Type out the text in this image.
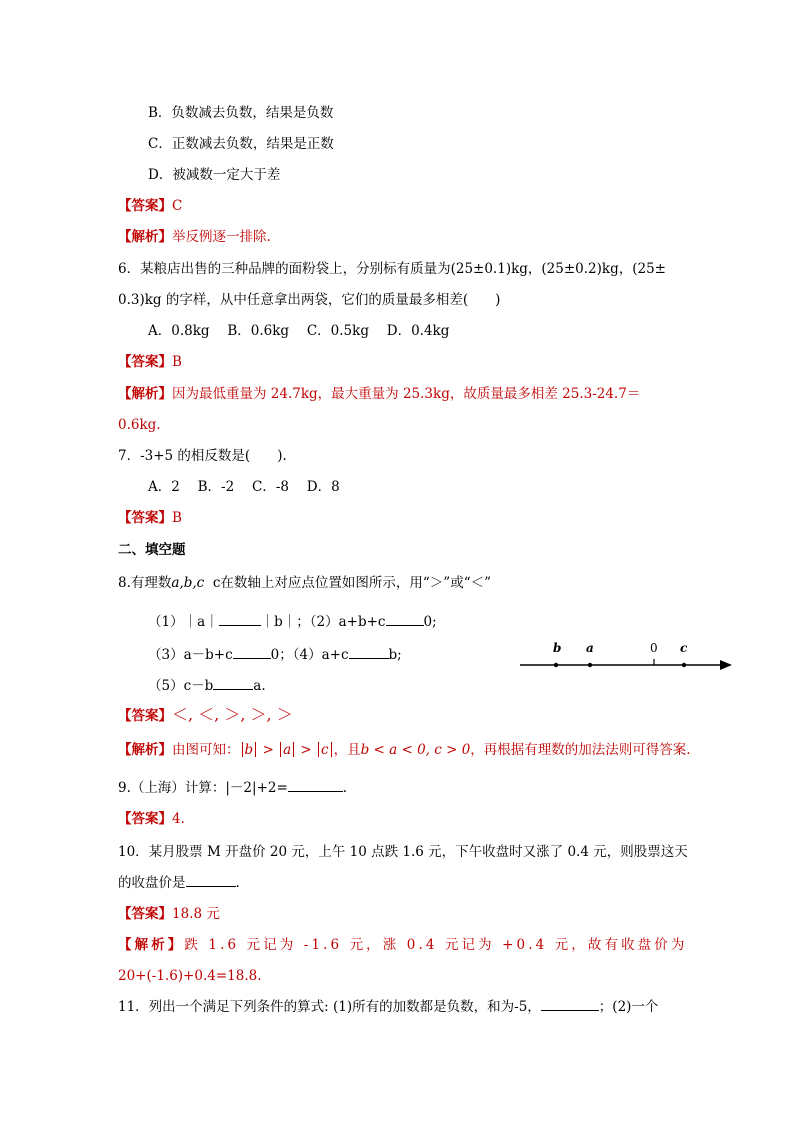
B．负数减去负数，结果是负数
C．正数减去负数，结果是正数
D．被减数一定大于差
【答案】C
【解析】举反例逐一排除.
6．某粮店出售的三种品牌的面粉袋上，分别标有质量为(25±0.1)kg，(25±0.2)kg，(25±
0.3)kg 的字样，从中任意拿出两袋，它们的质量最多相差(　　)
A．0.8kg　 B．0.6kg　 C．0.5kg　 D．0.4kg
【答案】B
【解析】因为最低重量为 24.7kg，最大重量为 25.3kg，故质量最多相差 25.3-24.7＝
0.6kg.
7．-3+5 的相反数是(　　).
A．2　 B．-2　 C．-8　 D．8
【答案】B
二、填空题
8.有理数a,b,c c在数轴上对应点位置如图所示，用“＞”或“＜”
（1）｜a｜	｜b｜；（2）a+b+c	0;
（3）a－b+c	0；（4）a+c	b;
（5）c－b	a.
b a	0 c
【答案】＜, ＜, ＞, ＞, ＞
【解析】由图可知： b > a > c ，且b < a < 0, c > 0，再根据有理数的加法法则可得答案.
9.（上海）计算：|－2|+2=	.
【答案】4.
10．某月股票 M 开盘价 20 元，上午 10 点跌 1.6 元，下午收盘时又涨了 0.4 元，则股票这天
的收盘价是	.
【答案】18.8 元
【解析】跌 1.6 元记为 -1.6 元，涨 0.4 元记为 +0.4 元，故有收盘价为
20+(-1.6)+0.4=18.8.
11．列出一个满足下列条件的算式: (1)所有的加数都是负数，和为-5，	；(2)一个
